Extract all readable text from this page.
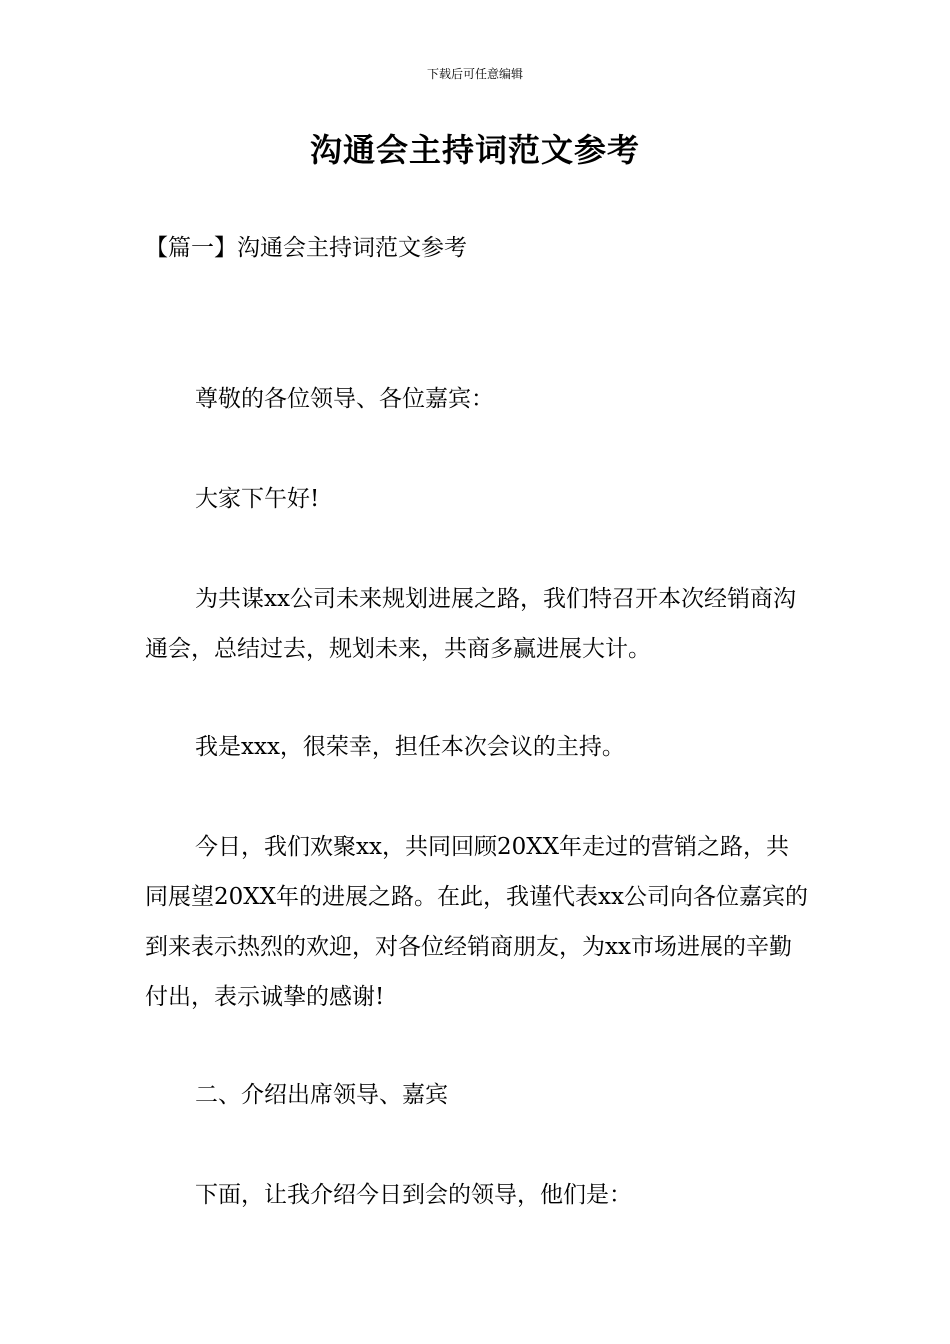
下载后可任意编辑
沟通会主持词范文参考
【篇一】沟通会主持词范文参考

尊敬的各位领导、各位嘉宾：

大家下午好!

为共谋xx公司未来规划进展之路，我们特召开本次经销商沟通会，总结过去，规划未来，共商多赢进展大计。

我是xxx，很荣幸，担任本次会议的主持。

今日，我们欢聚xx，共同回顾20XX年走过的营销之路，共同展望20XX年的进展之路。在此，我谨代表xx公司向各位嘉宾的到来表示热烈的欢迎，对各位经销商朋友，为xx市场进展的辛勤付出，表示诚挚的感谢!

二、介绍出席领导、嘉宾

下面，让我介绍今日到会的领导，他们是：
